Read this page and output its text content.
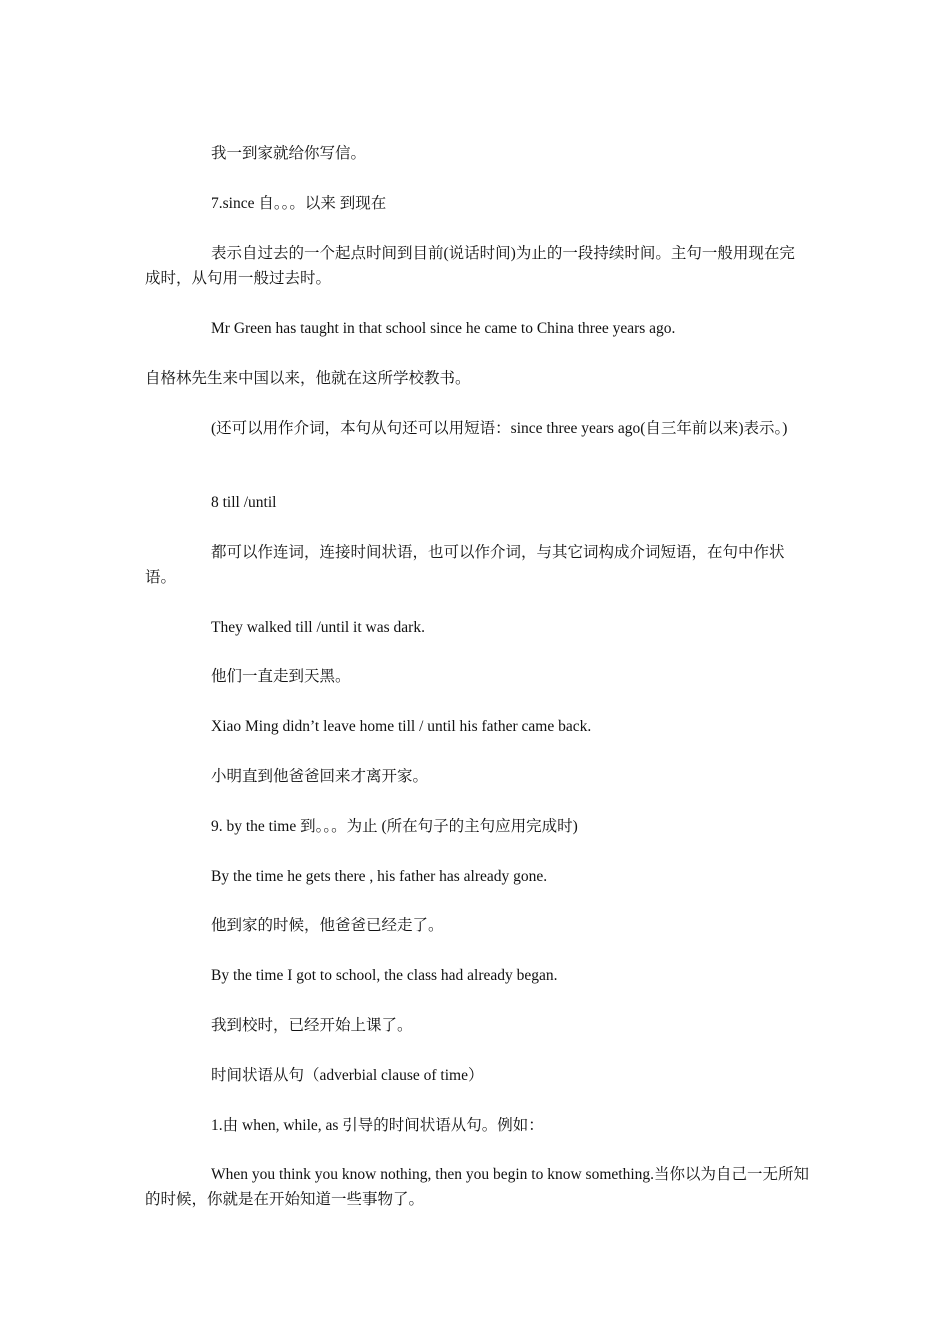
我一到家就给你写信。

7.since 自。。。以来 到现在

表示自过去的一个起点时间到目前(说话时间)为止的一段持续时间。主句一般用现在完成时，从句用一般过去时。

Mr Green has taught in that school since he came to China three years ago.

自格林先生来中国以来，他就在这所学校教书。

(还可以用作介词，本句从句还可以用短语：since three years ago(自三年前以来)表示。)

8 till /until

都可以作连词，连接时间状语，也可以作介词，与其它词构成介词短语，在句中作状语。

They walked till /until it was dark.

他们一直走到天黑。

Xiao Ming didn’t leave home till / until his father came back.

小明直到他爸爸回来才离开家。

9. by the time 到。。。为止 (所在句子的主句应用完成时)

By the time he gets there , his father has already gone.

他到家的时候，他爸爸已经走了。

By the time I got to school, the class had already began.

我到校时，已经开始上课了。

时间状语从句（adverbial clause of time）

1.由 when, while, as 引导的时间状语从句。例如：

When you think you know nothing, then you begin to know something.当你以为自己一无所知的时候，你就是在开始知道一些事物了。
